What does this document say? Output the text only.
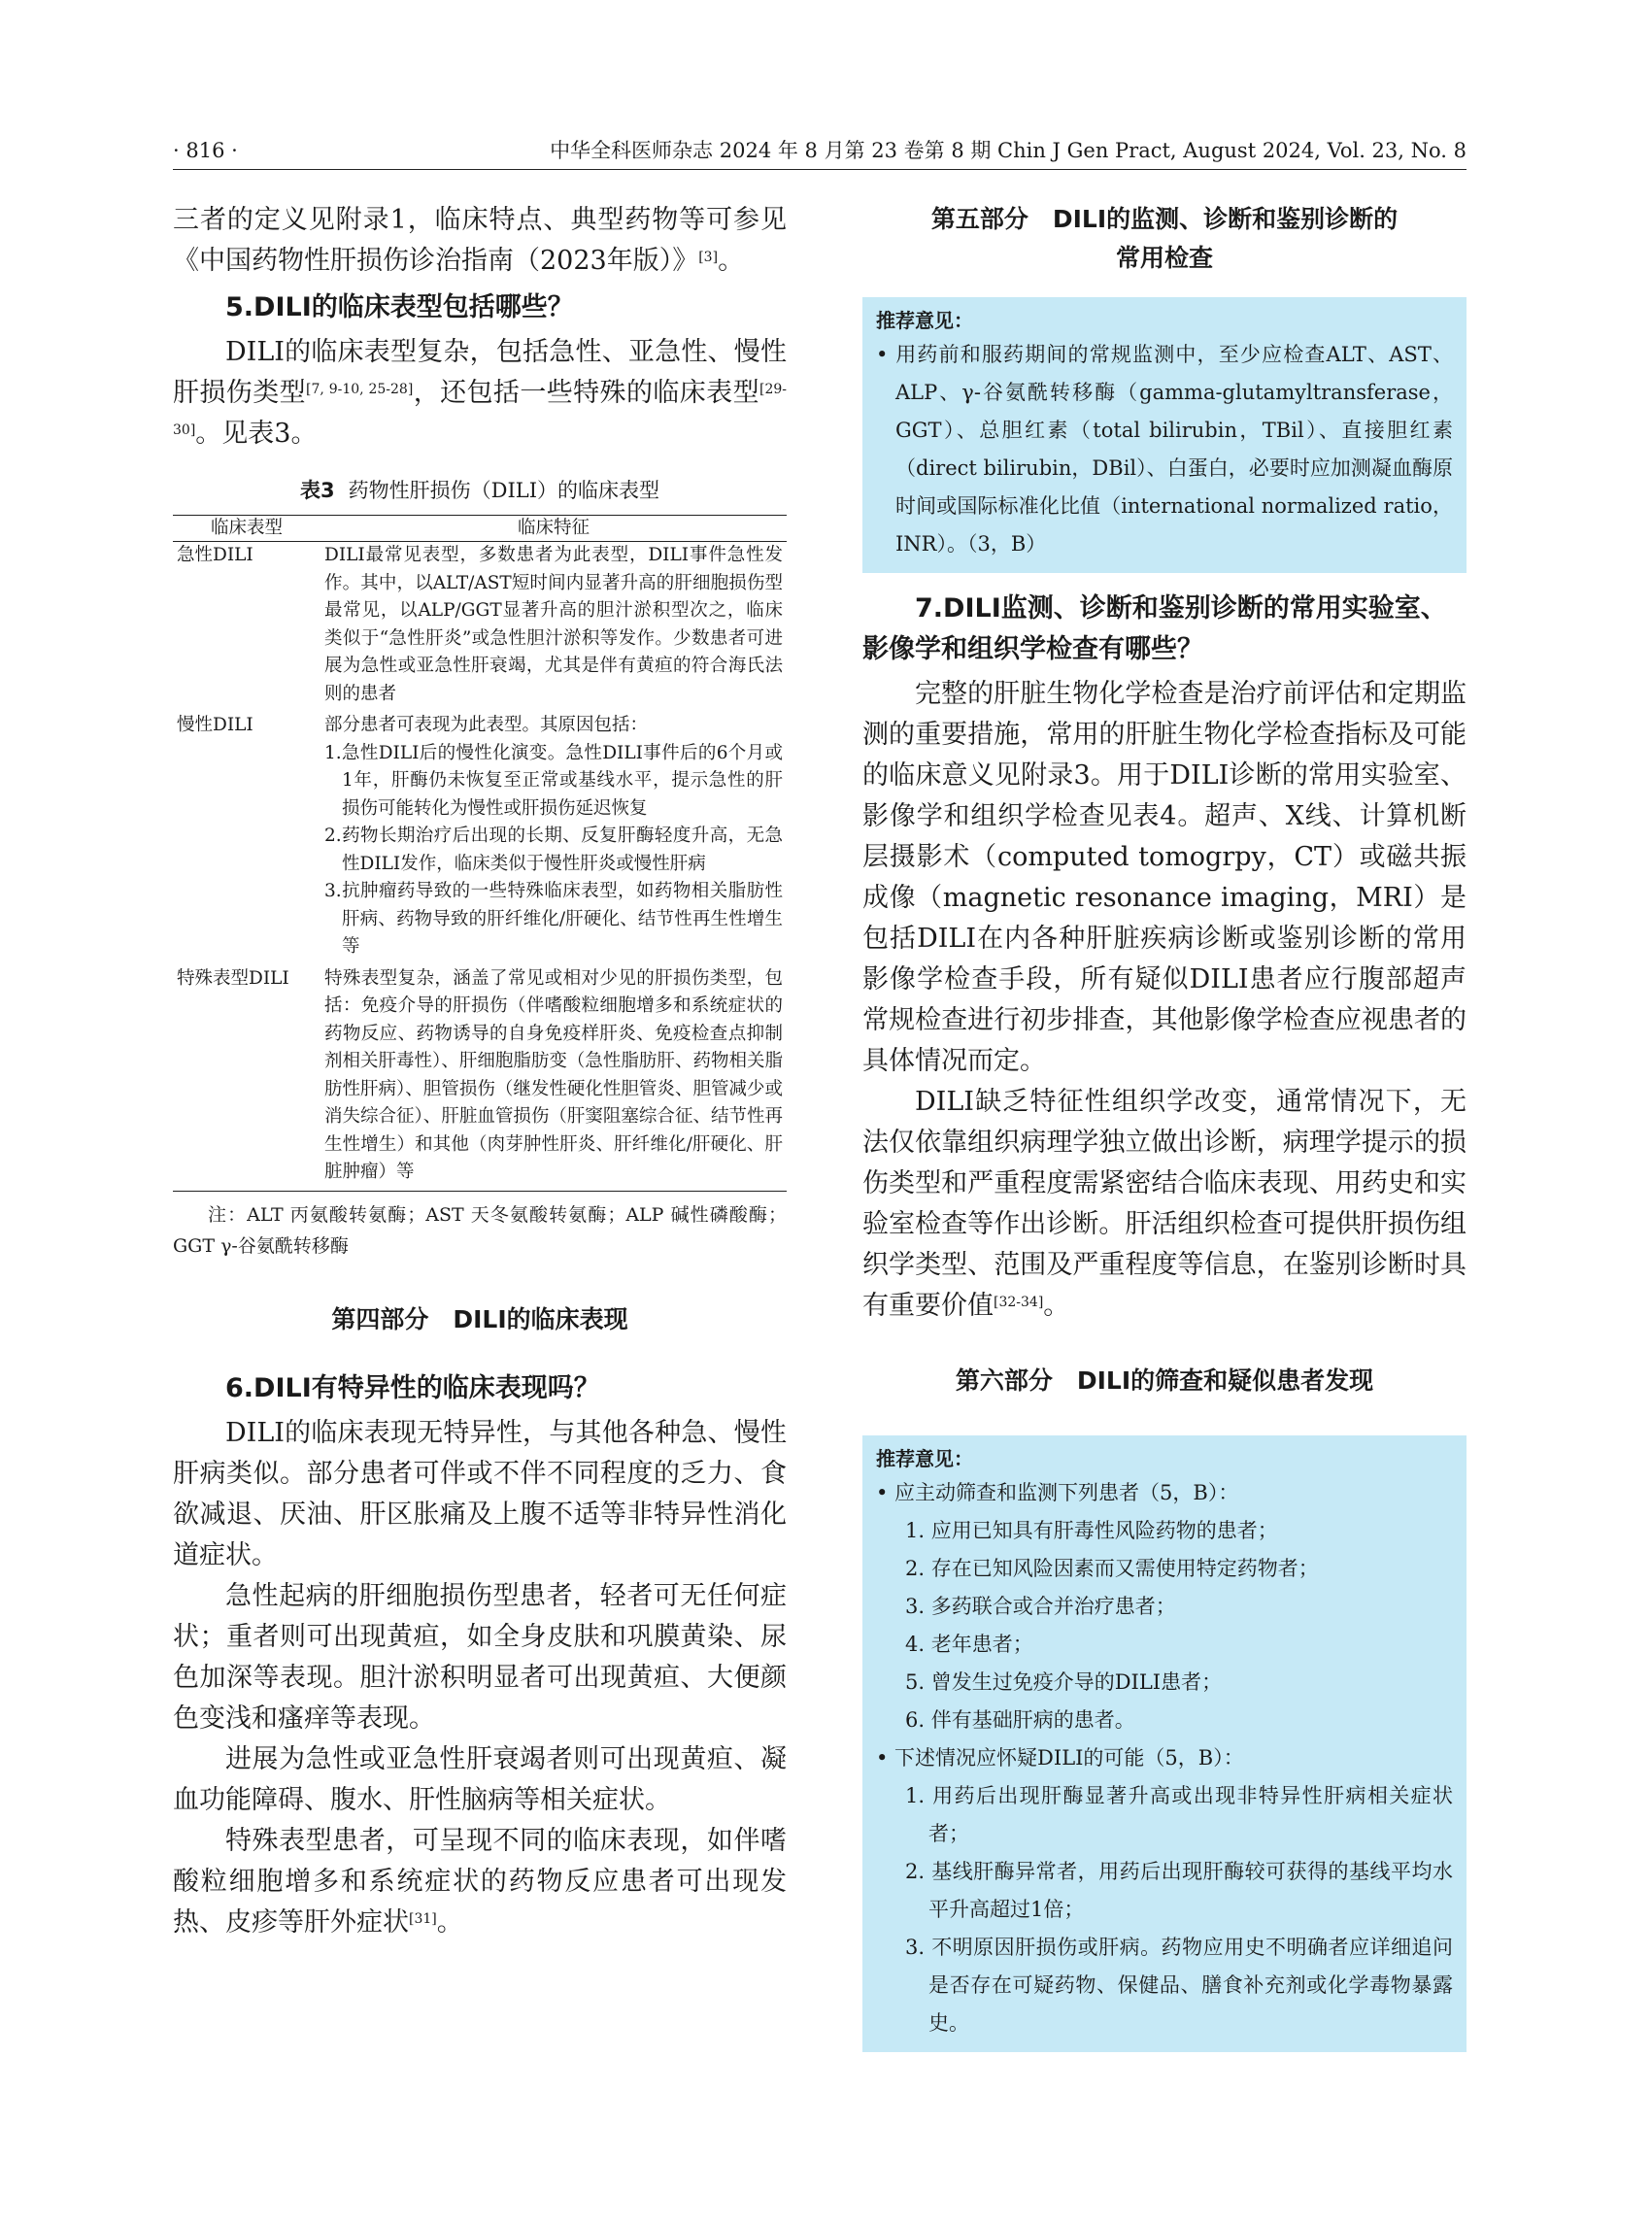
· 816 ·	中华全科医师杂志 2024 年 8 月第 23 卷第 8 期 Chin J Gen Pract, August 2024, Vol. 23, No. 8

三者的定义见附录1，临床特点、典型药物等可参见《中国药物性肝损伤诊治指南（2023年版）》[3]。

5.DILI的临床表型包括哪些？

DILI的临床表型复杂，包括急性、亚急性、慢性肝损伤类型[7, 9-10, 25-28]，还包括一些特殊的临床表型[29-30]。见表3。

表3 药物性肝损伤（DILI）的临床表型
临床表型	临床特征
急性DILI	DILI最常见表型，多数患者为此表型，DILI事件急性发作。其中，以ALT/AST短时间内显著升高的肝细胞损伤型最常见，以ALP/GGT显著升高的胆汁淤积型次之，临床类似于“急性肝炎”或急性胆汁淤积等发作。少数患者可进展为急性或亚急性肝衰竭，尤其是伴有黄疸的符合海氏法则的患者
慢性DILI	部分患者可表现为此表型。其原因包括：
1.急性DILI后的慢性化演变。急性DILI事件后的6个月或1年，肝酶仍未恢复至正常或基线水平，提示急性的肝损伤可能转化为慢性或肝损伤延迟恢复
2.药物长期治疗后出现的长期、反复肝酶轻度升高，无急性DILI发作，临床类似于慢性肝炎或慢性肝病
3.抗肿瘤药导致的一些特殊临床表型，如药物相关脂肪性肝病、药物导致的肝纤维化/肝硬化、结节性再生性增生等

特殊表型DILI	特殊表型复杂，涵盖了常见或相对少见的肝损伤类型，包括：免疫介导的肝损伤（伴嗜酸粒细胞增多和系统症状的药物反应、药物诱导的自身免疫样肝炎、免疫检查点抑制剂相关肝毒性）、肝细胞脂肪变（急性脂肪肝、药物相关脂肪性肝病）、胆管损伤（继发性硬化性胆管炎、胆管减少或消失综合征）、肝脏血管损伤（肝窦阻塞综合征、结节性再生性增生）和其他（肉芽肿性肝炎、肝纤维化/肝硬化、肝脏肿瘤）等
注：ALT 丙氨酸转氨酶；AST 天冬氨酸转氨酶；ALP 碱性磷酸酶；GGT γ-谷氨酰转移酶
第四部分　DILI的临床表现
6.DILI有特异性的临床表现吗？

DILI的临床表现无特异性，与其他各种急、慢性肝病类似。部分患者可伴或不伴不同程度的乏力、食欲减退、厌油、肝区胀痛及上腹不适等非特异性消化道症状。

急性起病的肝细胞损伤型患者，轻者可无任何症状；重者则可出现黄疸，如全身皮肤和巩膜黄染、尿色加深等表现。胆汁淤积明显者可出现黄疸、大便颜色变浅和瘙痒等表现。

进展为急性或亚急性肝衰竭者则可出现黄疸、凝血功能障碍、腹水、肝性脑病等相关症状。

特殊表型患者，可呈现不同的临床表现，如伴嗜酸粒细胞增多和系统症状的药物反应患者可出现发热、皮疹等肝外症状[31]。

第五部分　DILI的监测、诊断和鉴别诊断的
常用检查
推荐意见：
• 用药前和服药期间的常规监测中，至少应检查ALT、AST、ALP、γ-谷氨酰转移酶（gamma-glutamyltransferase，GGT）、总胆红素（total bilirubin，TBil）、直接胆红素（direct bilirubin，DBil）、白蛋白，必要时应加测凝血酶原时间或国际标准化比值（international normalized ratio，INR）。（3，B）
7.DILI监测、诊断和鉴别诊断的常用实验室、影像学和组织学检查有哪些？

完整的肝脏生物化学检查是治疗前评估和定期监测的重要措施，常用的肝脏生物化学检查指标及可能的临床意义见附录3。用于DILI诊断的常用实验室、影像学和组织学检查见表4。超声、X线、计算机断层摄影术（computed tomogrpy，CT）或磁共振成像（magnetic resonance imaging，MRI）是包括DILI在内各种肝脏疾病诊断或鉴别诊断的常用影像学检查手段，所有疑似DILI患者应行腹部超声常规检查进行初步排查，其他影像学检查应视患者的具体情况而定。

DILI缺乏特征性组织学改变，通常情况下，无法仅依靠组织病理学独立做出诊断，病理学提示的损伤类型和严重程度需紧密结合临床表现、用药史和实验室检查等作出诊断。肝活组织检查可提供肝损伤组织学类型、范围及严重程度等信息，在鉴别诊断时具有重要价值[32-34]。

第六部分　DILI的筛查和疑似患者发现
推荐意见：
• 应主动筛查和监测下列患者（5，B）：
1. 应用已知具有肝毒性风险药物的患者；
2. 存在已知风险因素而又需使用特定药物者；
3. 多药联合或合并治疗患者；
4. 老年患者；
5. 曾发生过免疫介导的DILI患者；
6. 伴有基础肝病的患者。
• 下述情况应怀疑DILI的可能（5，B）：
1. 用药后出现肝酶显著升高或出现非特异性肝病相关症状者；
2. 基线肝酶异常者，用药后出现肝酶较可获得的基线平均水平升高超过1倍；
3. 不明原因肝损伤或肝病。药物应用史不明确者应详细追问是否存在可疑药物、保健品、膳食补充剂或化学毒物暴露史。
